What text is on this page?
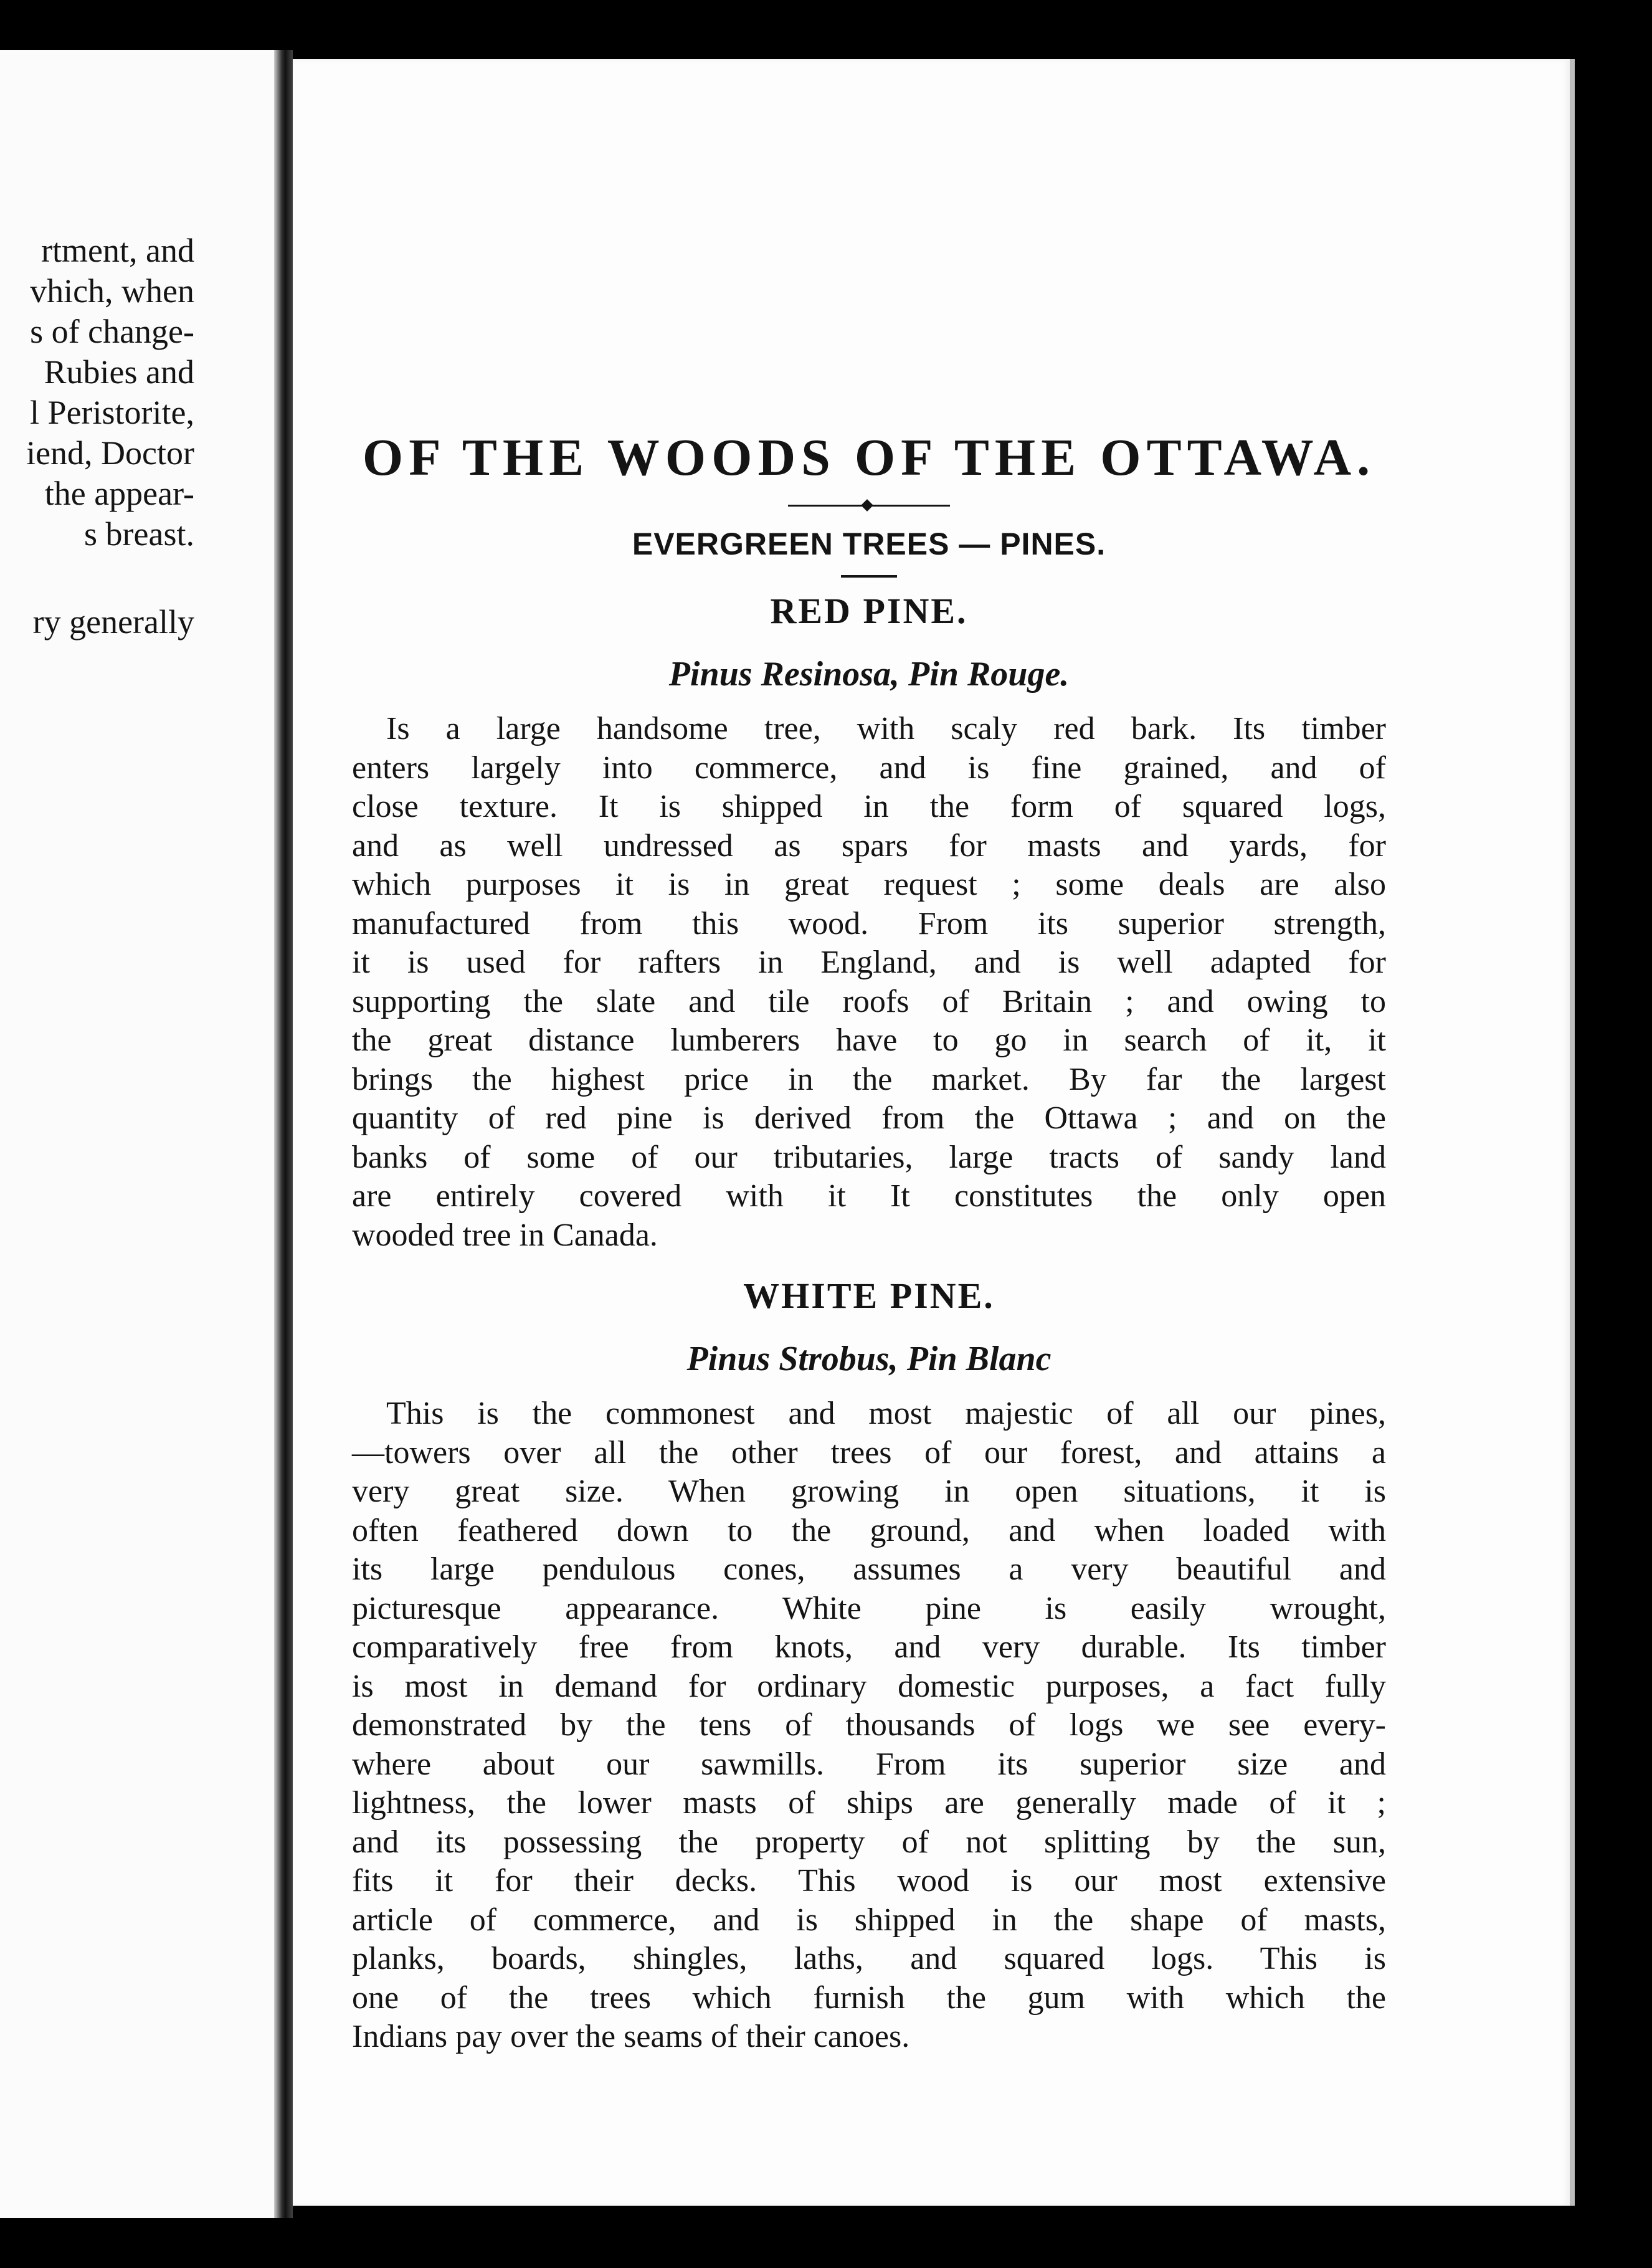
rtment, and
vhich, when
s of change-
Rubies and
l Peristorite,
iend, Doctor
the appear-
s breast.
ry generally
OF THE WOODS OF THE OTTAWA.
EVERGREEN TREES — PINES.
RED PINE.
Pinus Resinosa, Pin Rouge.
Is a large handsome tree, with scaly red bark. Its timber
enters largely into commerce, and is fine grained, and of
close texture. It is shipped in the form of squared logs,
and as well undressed as spars for masts and yards, for
which purposes it is in great request ; some deals are also
manufactured from this wood. From its superior strength,
it is used for rafters in England, and is well adapted for
supporting the slate and tile roofs of Britain ; and owing to
the great distance lumberers have to go in search of it, it
brings the highest price in the market. By far the largest
quantity of red pine is derived from the Ottawa ; and on the
banks of some of our tributaries, large tracts of sandy land
are entirely covered with it It constitutes the only open
wooded tree in Canada.
WHITE PINE.
Pinus Strobus, Pin Blanc
This is the commonest and most majestic of all our pines,
—towers over all the other trees of our forest, and attains a
very great size. When growing in open situations, it is
often feathered down to the ground, and when loaded with
its large pendulous cones, assumes a very beautiful and
picturesque appearance. White pine is easily wrought,
comparatively free from knots, and very durable. Its timber
is most in demand for ordinary domestic purposes, a fact fully
demonstrated by the tens of thousands of logs we see every-
where about our sawmills. From its superior size and
lightness, the lower masts of ships are generally made of it ;
and its possessing the property of not splitting by the sun,
fits it for their decks. This wood is our most extensive
article of commerce, and is shipped in the shape of masts,
planks, boards, shingles, laths, and squared logs. This is
one of the trees which furnish the gum with which the
Indians pay over the seams of their canoes.
